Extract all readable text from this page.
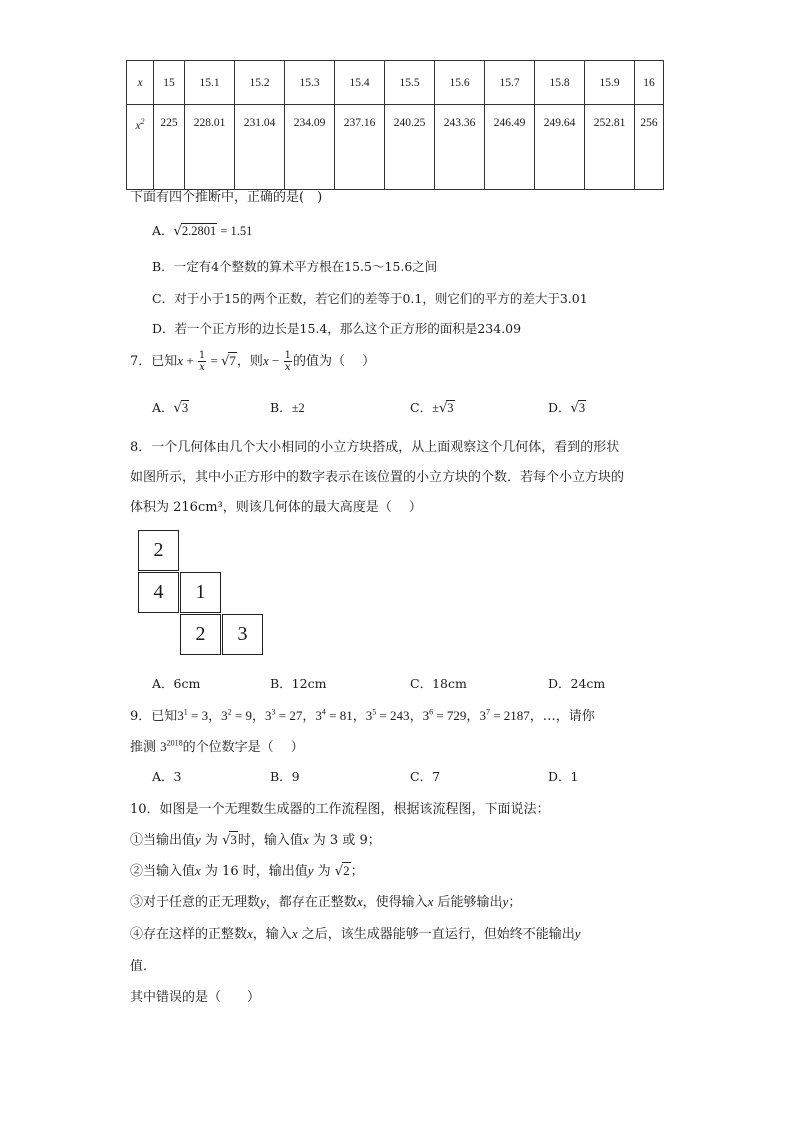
x	15	15.1	15.2	15.3	15.4	15.5	15.6	15.7	15.8	15.9	16
$x^2$	225	228.01	231.04	234.09	237.16	240.25	243.36	246.49	249.64	252.81	256
下面有四个推断中，正确的是(　)
A．√2.2801 = 1.51
B．一定有4个整数的算术平方根在15.5～15.6之间
C．对于小于15的两个正数，若它们的差等于0.1，则它们的平方的差大于3.01
D．若一个正方形的边长是15.4，那么这个正方形的面积是234.09
7．已知$x + \frac{1}{x} = √7$，则$x - \frac{1}{x}$ 的值为（　 ）
A．√3	B．±2	C．±√3	D．√3
8．一个几何体由几个大小相同的小立方块搭成，从上面观察这个几何体，看到的形状
如图所示，其中小正方形中的数字表示在该位置的小立方块的个数．若每个小立方块的
体积为 216cm³，则该几何体的最大高度是（　 ）
2
4	1
2	3
A．6cm	B．12cm	C．18cm	D．24cm
9．已知$3^1 = 3$，$3^2 = 9$，$3^3 = 27$，$3^4 = 81$，$3^5 = 243$，$3^6 = 729$，$3^7 = 2187$，…，请你
推测 $3^{2018}$的个位数字是（　 ）
A．3	B．9	C．7	D．1
10．如图是一个无理数生成器的工作流程图，根据该流程图，下面说法：
①当输出值y 为 √3时，输入值x 为 3 或 9；
②当输入值x 为 16 时，输出值y 为 √2；
③对于任意的正无理数y，都存在正整数x，使得输入x 后能够输出y；
④存在这样的正整数x，输入x 之后，该生成器能够一直运行，但始终不能输出y
值．
其中错误的是（　　）
